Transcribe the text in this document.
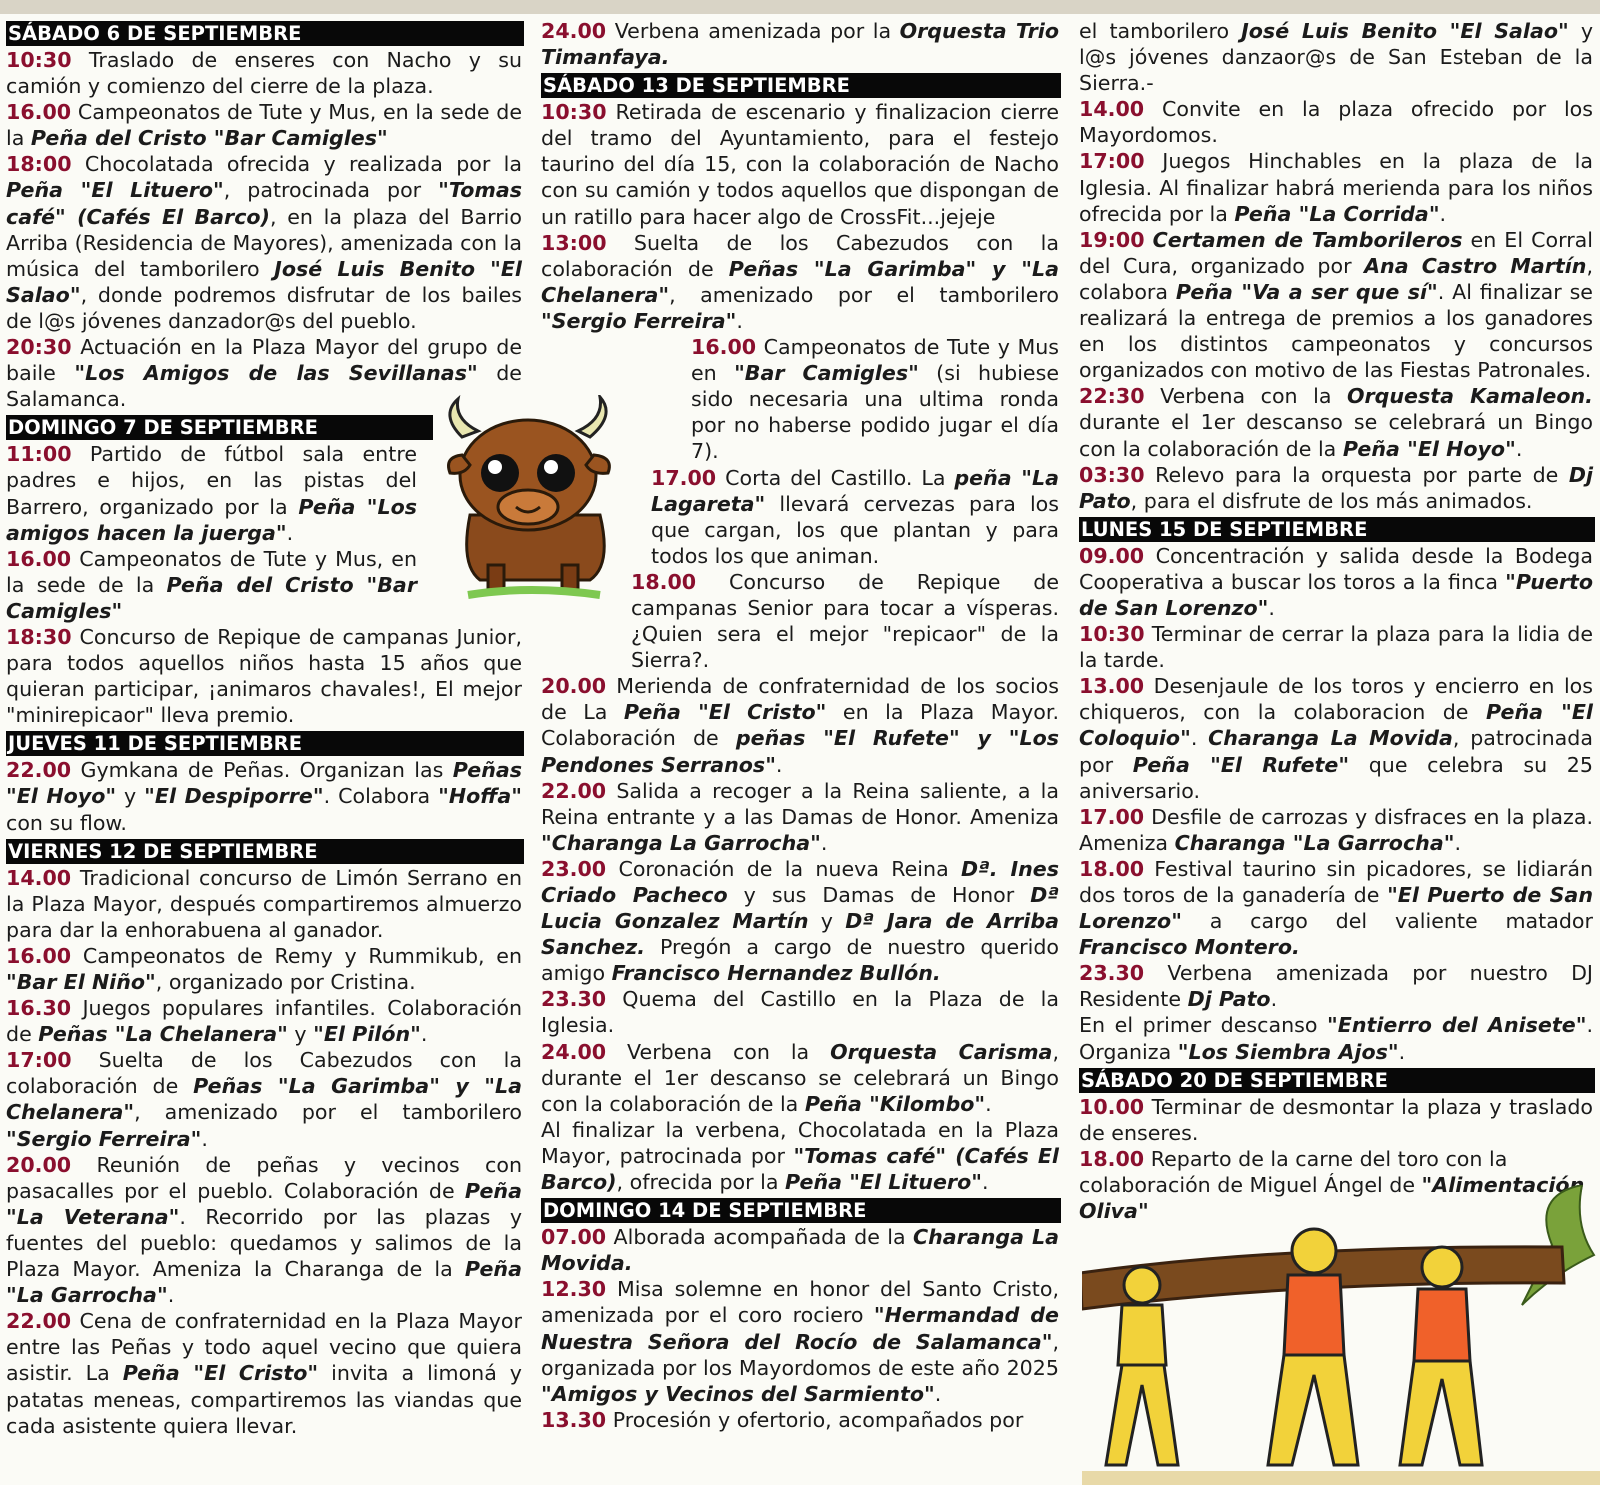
SÁBADO 6 DE SEPTIEMBRE

10:30 Traslado de enseres con Nacho y su camión y comienzo del cierre de la plaza.

16.00 Campeonatos de Tute y Mus, en la sede de la Peña del Cristo "Bar Camigles"

18:00 Chocolatada ofrecida y realizada por la Peña "El Lituero", patrocinada por "Tomas café" (Cafés El Barco), en la plaza del Barrio Arriba (Residencia de Mayores), amenizada con la música del tamborilero José Luis Benito "El Salao", donde podremos disfrutar de los bailes de l@s jóvenes danzador@s del pueblo.

20:30 Actuación en la Plaza Mayor del grupo de baile "Los Amigos de las Sevillanas" de Salamanca.

DOMINGO 7 DE SEPTIEMBRE

11:00 Partido de fútbol sala entre padres e hijos, en las pistas del Barrero, organizado por la Peña "Los amigos hacen la juerga".

16.00 Campeonatos de Tute y Mus, en la sede de la Peña del Cristo "Bar Camigles"

18:30 Concurso de Repique de campanas Junior, para todos aquellos niños hasta 15 años que quieran participar, ¡animaros chavales!, El mejor "minirepicaor" lleva premio.

JUEVES 11 DE SEPTIEMBRE

22.00 Gymkana de Peñas. Organizan las Peñas "El Hoyo" y "El Despiporre". Colabora "Hoffa" con su flow.

VIERNES 12 DE SEPTIEMBRE

14.00 Tradicional concurso de Limón Serrano en la Plaza Mayor, después compartiremos almuerzo para dar la enhorabuena al ganador.

16.00 Campeonatos de Remy y Rummikub, en "Bar El Niño", organizado por Cristina.

16.30 Juegos populares infantiles. Colaboración de Peñas "La Chelanera" y "El Pilón".

17:00 Suelta de los Cabezudos con la colaboración de Peñas "La Garimba" y "La Chelanera", amenizado por el tamborilero "Sergio Ferreira".

20.00 Reunión de peñas y vecinos con pasacalles por el pueblo. Colaboración de Peña "La Veterana". Recorrido por las plazas y fuentes del pueblo: quedamos y salimos de la Plaza Mayor. Ameniza la Charanga de la Peña "La Garrocha".

22.00 Cena de confraternidad en la Plaza Mayor entre las Peñas y todo aquel vecino que quiera asistir. La Peña "El Cristo" invita a limoná y patatas meneas, compartiremos las viandas que cada asistente quiera llevar.

24.00 Verbena amenizada por la Orquesta Trio Timanfaya.

SÁBADO 13 DE SEPTIEMBRE

10:30 Retirada de escenario y finalizacion cierre del tramo del Ayuntamiento, para el festejo taurino del día 15, con la colaboración de Nacho con su camión y todos aquellos que dispongan de un ratillo para hacer algo de CrossFit...jejeje

13:00 Suelta de los Cabezudos con la colaboración de Peñas "La Garimba" y "La Chelanera", amenizado por el tamborilero "Sergio Ferreira".

16.00 Campeonatos de Tute y Mus en "Bar Camigles" (si hubiese sido necesaria una ultima ronda por no haberse podido jugar el día 7).

17.00 Corta del Castillo. La peña "La Lagareta" llevará cervezas para los que cargan, los que plantan y para todos los que animan.

18.00 Concurso de Repique de campanas Senior para tocar a vísperas. ¿Quien sera el mejor "repicaor" de la Sierra?.

20.00 Merienda de confraternidad de los socios de La Peña "El Cristo" en la Plaza Mayor. Colaboración de peñas "El Rufete" y "Los Pendones Serranos".

22.00 Salida a recoger a la Reina saliente, a la Reina entrante y a las Damas de Honor. Ameniza "Charanga La Garrocha".

23.00 Coronación de la nueva Reina Dª. Ines Criado Pacheco y sus Damas de Honor Dª Lucia Gonzalez Martín y Dª Jara de Arriba Sanchez. Pregón a cargo de nuestro querido amigo Francisco Hernandez Bullón.

23.30 Quema del Castillo en la Plaza de la Iglesia.

24.00 Verbena con la Orquesta Carisma, durante el 1er descanso se celebrará un Bingo con la colaboración de la Peña "Kilombo".

Al finalizar la verbena, Chocolatada en la Plaza Mayor, patrocinada por "Tomas café" (Cafés El Barco), ofrecida por la Peña "El Lituero".

DOMINGO 14 DE SEPTIEMBRE

07.00 Alborada acompañada de la Charanga La Movida.

12.30 Misa solemne en honor del Santo Cristo, amenizada por el coro rociero "Hermandad de Nuestra Señora del Rocío de Salamanca", organizada por los Mayordomos de este año 2025 "Amigos y Vecinos del Sarmiento".

13.30 Procesión y ofertorio, acompañados por

el tamborilero José Luis Benito "El Salao" y l@s jóvenes danzaor@s de San Esteban de la Sierra.-

14.00 Convite en la plaza ofrecido por los Mayordomos.

17:00 Juegos Hinchables en la plaza de la Iglesia. Al finalizar habrá merienda para los niños ofrecida por la Peña "La Corrida".

19:00 Certamen de Tamborileros en El Corral del Cura, organizado por Ana Castro Martín, colabora Peña "Va a ser que sí". Al finalizar se realizará la entrega de premios a los ganadores en los distintos campeonatos y concursos organizados con motivo de las Fiestas Patronales.

22:30 Verbena con la Orquesta Kamaleon. durante el 1er descanso se celebrará un Bingo con la colaboración de la Peña "El Hoyo".

03:30 Relevo para la orquesta por parte de Dj Pato, para el disfrute de los más animados.

LUNES 15 DE SEPTIEMBRE

09.00 Concentración y salida desde la Bodega Cooperativa a buscar los toros a la finca "Puerto de San Lorenzo".

10:30 Terminar de cerrar la plaza para la lidia de la tarde.

13.00 Desenjaule de los toros y encierro en los chiqueros, con la colaboracion de Peña "El Coloquio". Charanga La Movida, patrocinada por Peña "El Rufete" que celebra su 25 aniversario.

17.00 Desfile de carrozas y disfraces en la plaza. Ameniza Charanga "La Garrocha".

18.00 Festival taurino sin picadores, se lidiarán dos toros de la ganadería de "El Puerto de San Lorenzo" a cargo del valiente matador Francisco Montero.

23.30 Verbena amenizada por nuestro DJ Residente Dj Pato.

En el primer descanso "Entierro del Anisete". Organiza "Los Siembra Ajos".

SÁBADO 20 DE SEPTIEMBRE

10.00 Terminar de desmontar la plaza y traslado de enseres.

18.00 Reparto de la carne del toro con la colaboración de Miguel Ángel de "Alimentación Oliva"
